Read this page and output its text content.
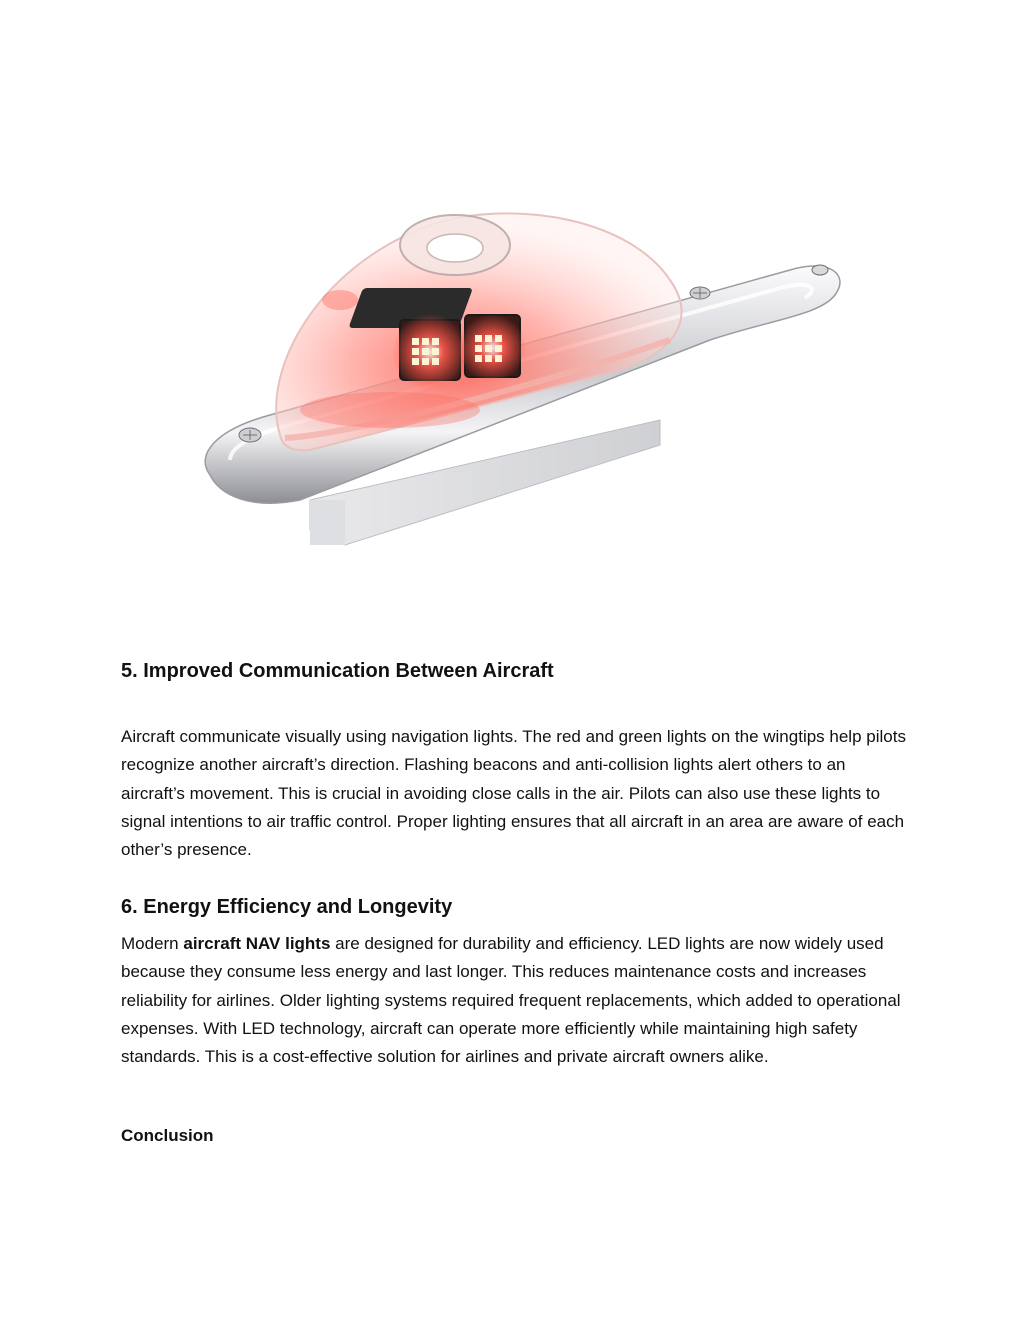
5. Improved Communication Between Aircraft

Aircraft communicate visually using navigation lights. The red and green lights on the wingtips help pilots recognize another aircraft’s direction. Flashing beacons and anti-collision lights alert others to an aircraft’s movement. This is crucial in avoiding close calls in the air. Pilots can also use these lights to signal intentions to air traffic control. Proper lighting ensures that all aircraft in an area are aware of each other’s presence.

6. Energy Efficiency and Longevity

Modern aircraft NAV lights are designed for durability and efficiency. LED lights are now widely used because they consume less energy and last longer. This reduces maintenance costs and increases reliability for airlines. Older lighting systems required frequent replacements, which added to operational expenses. With LED technology, aircraft can operate more efficiently while maintaining high safety standards. This is a cost-effective solution for airlines and private aircraft owners alike.

Conclusion
